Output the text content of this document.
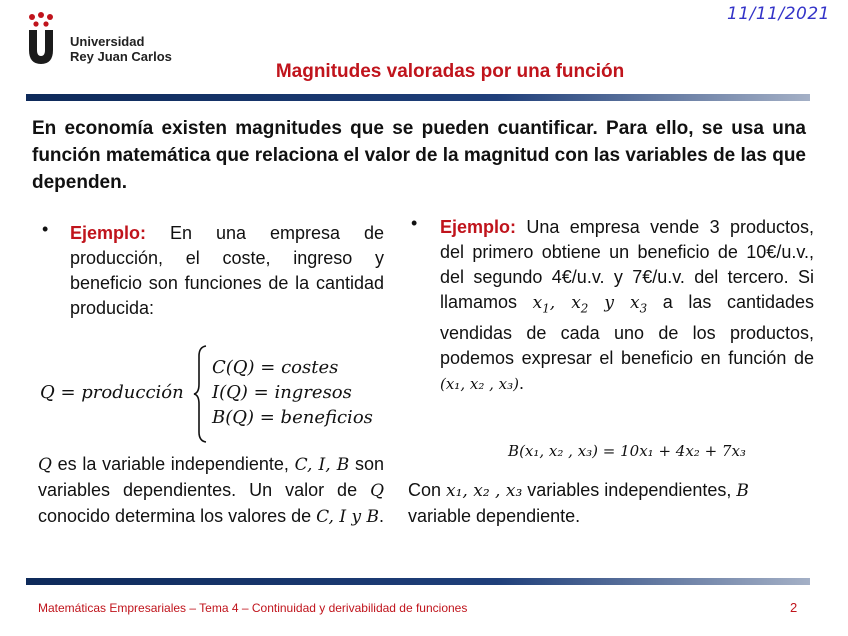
Universidad
Rey Juan Carlos
11/11/2021
Magnitudes valoradas por una función
En economía existen magnitudes que se pueden cuantificar. Para ello, se usa una función matemática que relaciona el valor de la magnitud con las variables de las que dependen.
• Ejemplo: En una empresa de producción, el coste, ingreso y beneficio son funciones de la cantidad producida:
Q = producción
C(Q) = costes
I(Q) = ingresos
B(Q) = beneficios
Q es la variable independiente, C, I, B son variables dependientes. Un valor de Q conocido determina los valores de C, I y B.
• Ejemplo: Una empresa vende 3 productos, del primero obtiene un beneficio de 10€/u.v., del segundo 4€/u.v. y 7€/u.v. del tercero. Si llamamos $x_1$, $x_2$ y $x_3$ a las cantidades vendidas de cada uno de los productos, podemos expresar el beneficio en función de (x₁, x₂ , x₃).
B(x₁, x₂ , x₃) = 10x₁ + 4x₂ + 7x₃
Con x₁, x₂ , x₃ variables independientes, B variable dependiente.
Matemáticas Empresariales – Tema 4 – Continuidad y derivabilidad de funciones	2
